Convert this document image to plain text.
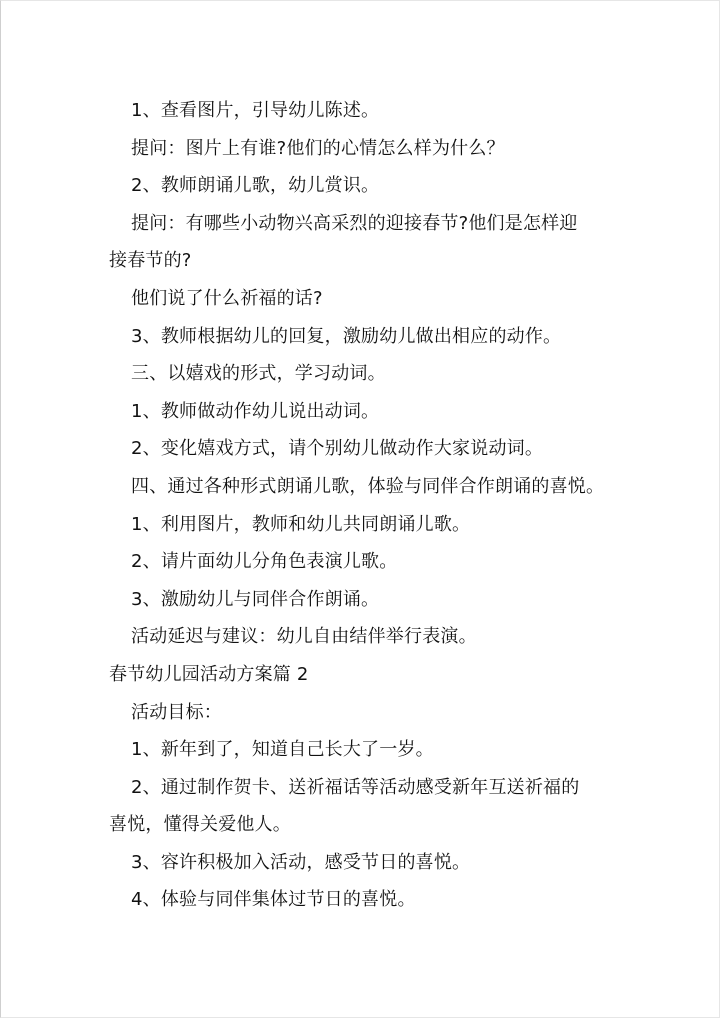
1、查看图片，引导幼儿陈述。
提问：图片上有谁?他们的心情怎么样为什么？
2、教师朗诵儿歌，幼儿赏识。
提问：有哪些小动物兴高采烈的迎接春节?他们是怎样迎
接春节的?
他们说了什么祈福的话?
3、教师根据幼儿的回复，激励幼儿做出相应的动作。
三、以嬉戏的形式，学习动词。
1、教师做动作幼儿说出动词。
2、变化嬉戏方式，请个别幼儿做动作大家说动词。
四、通过各种形式朗诵儿歌，体验与同伴合作朗诵的喜悦。
1、利用图片，教师和幼儿共同朗诵儿歌。
2、请片面幼儿分角色表演儿歌。
3、激励幼儿与同伴合作朗诵。
活动延迟与建议：幼儿自由结伴举行表演。
春节幼儿园活动方案篇 2
活动目标：
1、新年到了，知道自己长大了一岁。
2、通过制作贺卡、送祈福话等活动感受新年互送祈福的
喜悦，懂得关爱他人。
3、容许积极加入活动，感受节日的喜悦。
4、体验与同伴集体过节日的喜悦。
